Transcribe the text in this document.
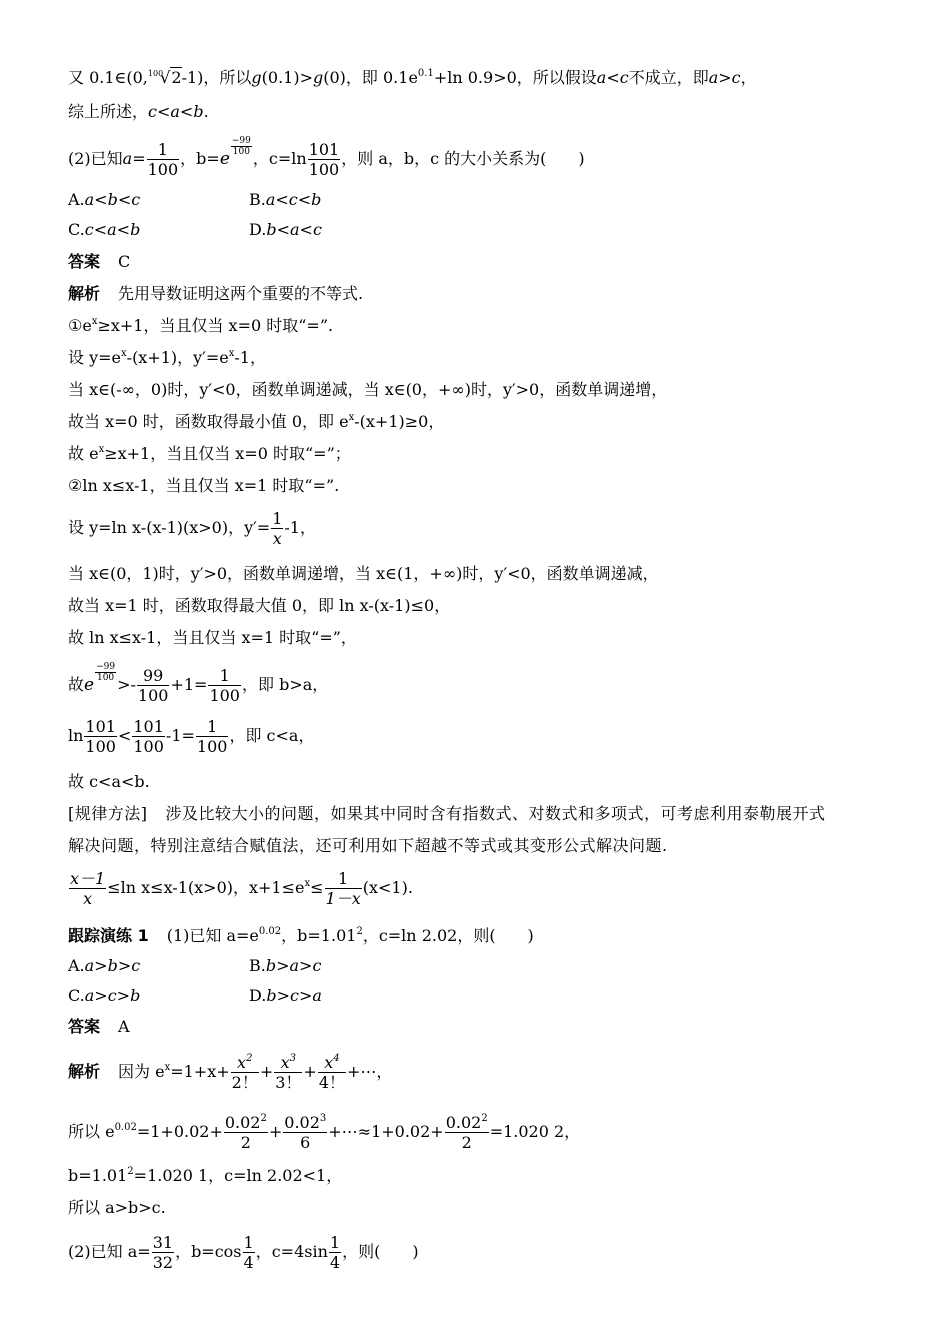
又 0.1∈(0,$^{100}$√2-1)，所以g(0.1)>g(0)，即 $0.1e^{0.1}+\ln$ 0.9>0，所以假设a<c不成立，即a>c，
综上所述，c<a<b.
(2)已知$a= \frac{1}{100}$ ，b=e
$\frac{-99}{100}$
，$c=\ln \frac{101}{100}$ ，则 a，b，c 的大小关系为(　　)
A.a<b<c	B.a<c<b
C.c<a<b	D.b<a<c
答案 C
解析 先用导数证明这两个重要的不等式.
$①e^x\ge x+1$，当且仅当 x=0 时取“=”.
设 $y=e^x-(x+1)$，$y'=e^x-1$，
当 x∈(-∞，0)时，y′<0，函数单调递减，当 x∈(0，+∞)时，y′>0，函数单调递增，
故当 x=0 时，函数取得最小值 0，即 $e^x-(x+1)\ge 0$，
故 $e^x\ge x+1$，当且仅当 x=0 时取“=”；
②ln x≤x-1，当且仅当 x=1 时取“=”.
设 y=ln x-(x-1)(x>0)，$y'= \frac{1}{x} -1$，
当 x∈(0，1)时，y′>0，函数单调递增，当 x∈(1，+∞)时，y′<0，函数单调递减，
故当 x=1 时，函数取得最大值 0，即 ln x-(x-1)≤0，
故 ln x≤x-1，当且仅当 x=1 时取“=”，
故e
$\frac{-99}{100}$
>- $\frac{99}{100} +1= \frac{1}{100}$ ，即 b>a，
$\ln \frac{101}{100} < \frac{101}{100} -1= \frac{1}{100}$ ，即 c<a，
故 c<a<b.
[规律方法] 涉及比较大小的问题，如果其中同时含有指数式、对数式和多项式，可考虑利用泰勒展开式
解决问题，特别注意结合赋值法，还可利用如下超越不等式或其变形公式解决问题.
$\frac{x-1}{x} \le\ln$ x≤x-1(x>0)，$x+1\le e^x\le \frac{1}{1-x} (x<1)$.
跟踪演练 1 (1)已知 $a=e^{0.02}$，$b=1.01^2$，c=ln 2.02，则(　　)
A.a>b>c	B.b>a>c
C.a>c>b	D.b>c>a
答案 A
解析 因为 $e^x=1+x+ \frac{x^2}{2!} + \frac{x^3}{3!} + \frac{x^4}{4!}$ +⋯，
所以 $e^{0.02}=1+0.02+ \frac{0.02^2}{2} + \frac{0.02^3}{6}$ +⋯≈1+0.02+ $\frac{0.02^2}{2} =1.020$ 2，
$b=1.01^2=1.020$ 1，c=ln 2.02<1，
所以 a>b>c.
(2)已知 $a= \frac{31}{32}$ ，$b=\cos \frac{1}{4}$ ，$c=4\sin \frac{1}{4}$ ，则(　　)
